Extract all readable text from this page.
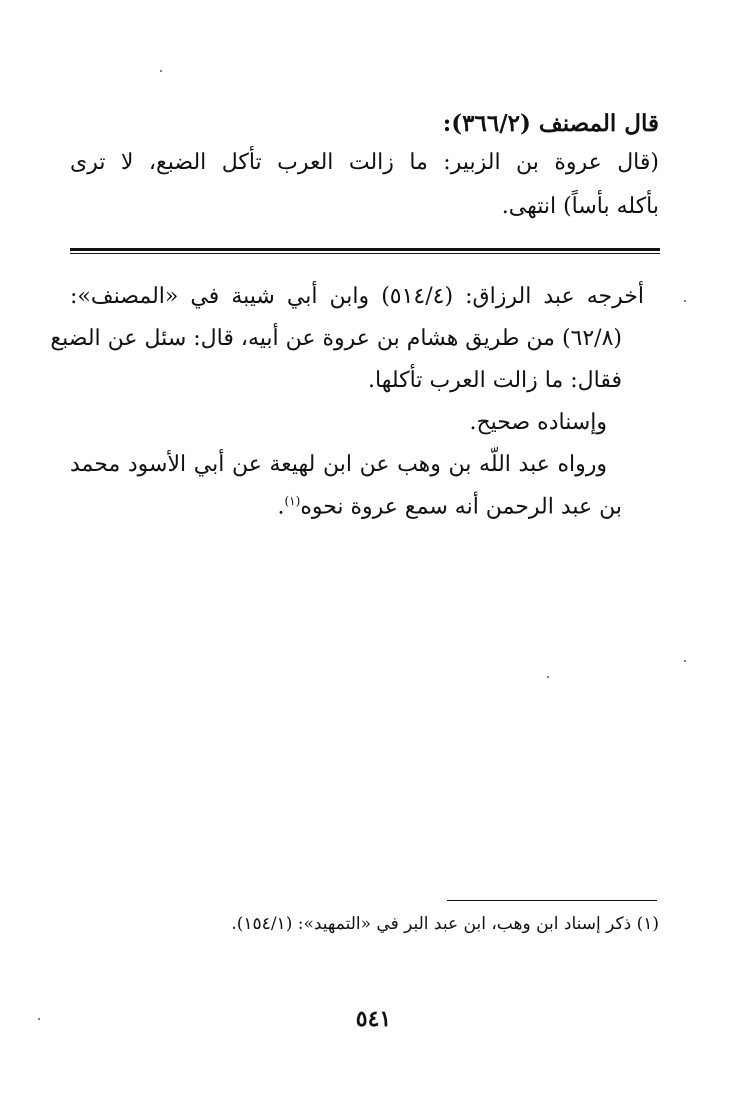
قال المصنف (٣٦٦/٢):
(قال عروة بن الزبير: ما زالت العرب تأكل الضبع، لا ترى
بأكله بأساً) انتهى.
أخرجه عبد الرزاق: (٥١٤/٤) وابن أبي شيبة في «المصنف»:
(٦٢/٨) من طريق هشام بن عروة عن أبيه، قال: سئل عن الضبع
فقال: ما زالت العرب تأكلها.
وإسناده صحيح.
ورواه عبد اللّه بن وهب عن ابن لهيعة عن أبي الأسود محمد
بن عبد الرحمن أنه سمع عروة نحوه$^{(١)}$.
(١) ذكر إسناد ابن وهب، ابن عبد البر في «التمهيد»: (١٥٤/١).
٥٤١
